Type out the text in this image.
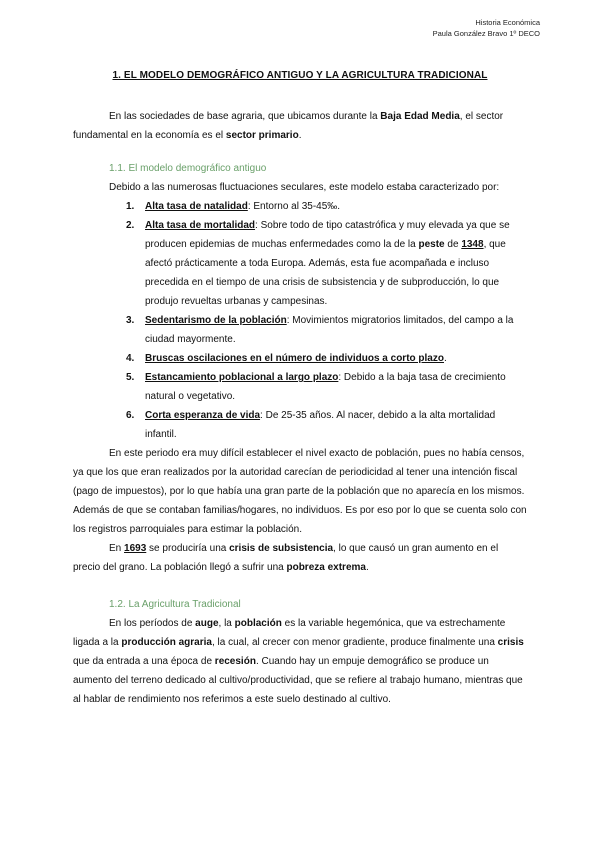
Historia Económica
Paula González Bravo 1º DECO
1. EL MODELO DEMOGRÁFICO ANTIGUO Y LA AGRICULTURA TRADICIONAL

En las sociedades de base agraria, que ubicamos durante la Baja Edad Media, el sector fundamental en la economía es el sector primario.

1.1. El modelo demográfico antiguo

Debido a las numerosas fluctuaciones seculares, este modelo estaba caracterizado por:

1. Alta tasa de natalidad: Entorno al 35-45‰.
2. Alta tasa de mortalidad: Sobre todo de tipo catastrófica y muy elevada ya que se producen epidemias de muchas enfermedades como la de la peste de 1348, que afectó prácticamente a toda Europa. Además, esta fue acompañada e incluso precedida en el tiempo de una crisis de subsistencia y de subproducción, lo que produjo revueltas urbanas y campesinas.
3. Sedentarismo de la población: Movimientos migratorios limitados, del campo a la ciudad mayormente.
4. Bruscas oscilaciones en el número de individuos a corto plazo.
5. Estancamiento poblacional a largo plazo: Debido a la baja tasa de crecimiento natural o vegetativo.
6. Corta esperanza de vida: De 25-35 años. Al nacer, debido a la alta mortalidad infantil.

En este periodo era muy difícil establecer el nivel exacto de población, pues no había censos, ya que los que eran realizados por la autoridad carecían de periodicidad al tener una intención fiscal (pago de impuestos), por lo que había una gran parte de la población que no aparecía en los mismos. Además de que se contaban familias/hogares, no individuos. Es por eso por lo que se cuenta solo con los registros parroquiales para estimar la población.

En 1693 se produciría una crisis de subsistencia, lo que causó un gran aumento en el precio del grano. La población llegó a sufrir una pobreza extrema.

1.2. La Agricultura Tradicional

En los períodos de auge, la población es la variable hegemónica, que va estrechamente ligada a la producción agraria, la cual, al crecer con menor gradiente, produce finalmente una crisis que da entrada a una época de recesión. Cuando hay un empuje demográfico se produce un aumento del terreno dedicado al cultivo/productividad, que se refiere al trabajo humano, mientras que al hablar de rendimiento nos referimos a este suelo destinado al cultivo.
